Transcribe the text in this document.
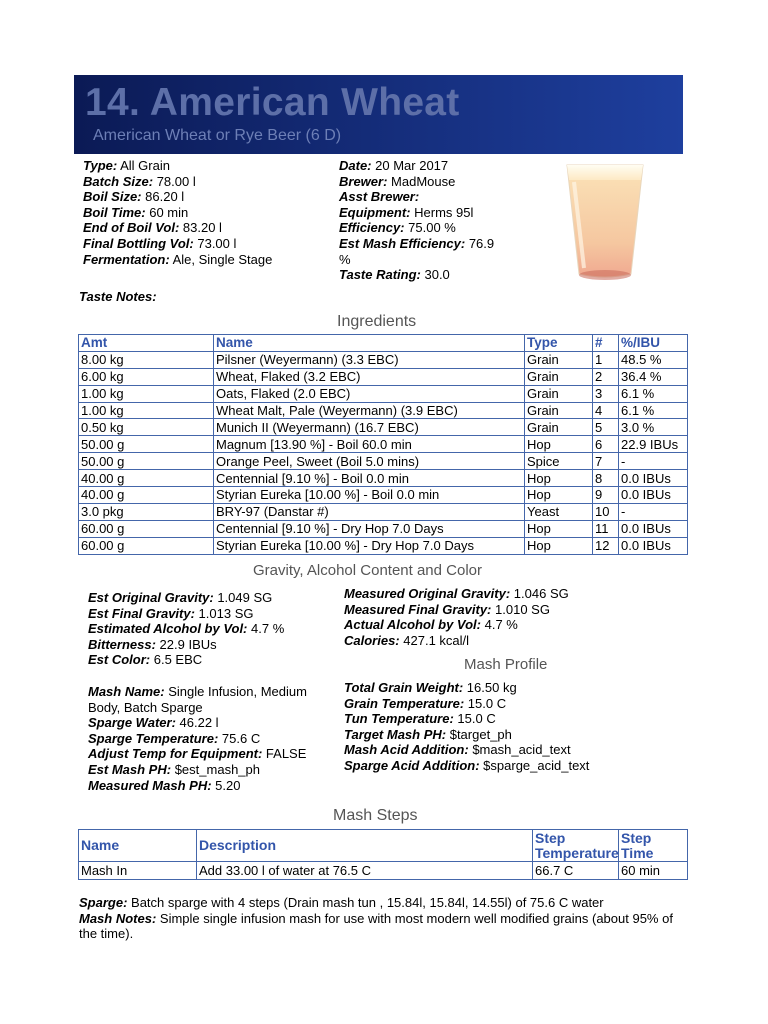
14. American Wheat
American Wheat or Rye Beer (6 D)
Type: All Grain
Batch Size: 78.00 l
Boil Size: 86.20 l
Boil Time: 60 min
End of Boil Vol: 83.20 l
Final Bottling Vol: 73.00 l
Fermentation: Ale, Single Stage
Date: 20 Mar 2017
Brewer: MadMouse
Asst Brewer:
Equipment: Herms 95l
Efficiency: 75.00 %
Est Mash Efficiency: 76.9 %
Taste Rating: 30.0
Taste Notes:
Ingredients
Amt	Name	Type	#	%/IBU
8.00 kg	Pilsner (Weyermann) (3.3 EBC)	Grain	1	48.5 %
6.00 kg	Wheat, Flaked (3.2 EBC)	Grain	2	36.4 %
1.00 kg	Oats, Flaked (2.0 EBC)	Grain	3	6.1 %
1.00 kg	Wheat Malt, Pale (Weyermann) (3.9 EBC)	Grain	4	6.1 %
0.50 kg	Munich II (Weyermann) (16.7 EBC)	Grain	5	3.0 %
50.00 g	Magnum [13.90 %] - Boil 60.0 min	Hop	6	22.9 IBUs
50.00 g	Orange Peel, Sweet (Boil 5.0 mins)	Spice	7	-
40.00 g	Centennial [9.10 %] - Boil 0.0 min	Hop	8	0.0 IBUs
40.00 g	Styrian Eureka [10.00 %] - Boil 0.0 min	Hop	9	0.0 IBUs
3.0 pkg	BRY-97 (Danstar #)	Yeast	10	-
60.00 g	Centennial [9.10 %] - Dry Hop 7.0 Days	Hop	11	0.0 IBUs
60.00 g	Styrian Eureka [10.00 %] - Dry Hop 7.0 Days	Hop	12	0.0 IBUs
Gravity, Alcohol Content and Color
Est Original Gravity: 1.049 SG
Est Final Gravity: 1.013 SG
Estimated Alcohol by Vol: 4.7 %
Bitterness: 22.9 IBUs
Est Color: 6.5 EBC
Measured Original Gravity: 1.046 SG
Measured Final Gravity: 1.010 SG
Actual Alcohol by Vol: 4.7 %
Calories: 427.1 kcal/l
Mash Profile
Mash Name: Single Infusion, Medium Body, Batch Sparge
Sparge Water: 46.22 l
Sparge Temperature: 75.6 C
Adjust Temp for Equipment: FALSE
Est Mash PH: $est_mash_ph
Measured Mash PH: 5.20
Total Grain Weight: 16.50 kg
Grain Temperature: 15.0 C
Tun Temperature: 15.0 C
Target Mash PH: $target_ph
Mash Acid Addition: $mash_acid_text
Sparge Acid Addition: $sparge_acid_text
Mash Steps
Name	Description	Step Temperature	Step Time
Mash In	Add 33.00 l of water at 76.5 C	66.7 C	60 min
Sparge: Batch sparge with 4 steps (Drain mash tun , 15.84l, 15.84l, 14.55l) of 75.6 C water
Mash Notes: Simple single infusion mash for use with most modern well modified grains (about 95% of the time).
